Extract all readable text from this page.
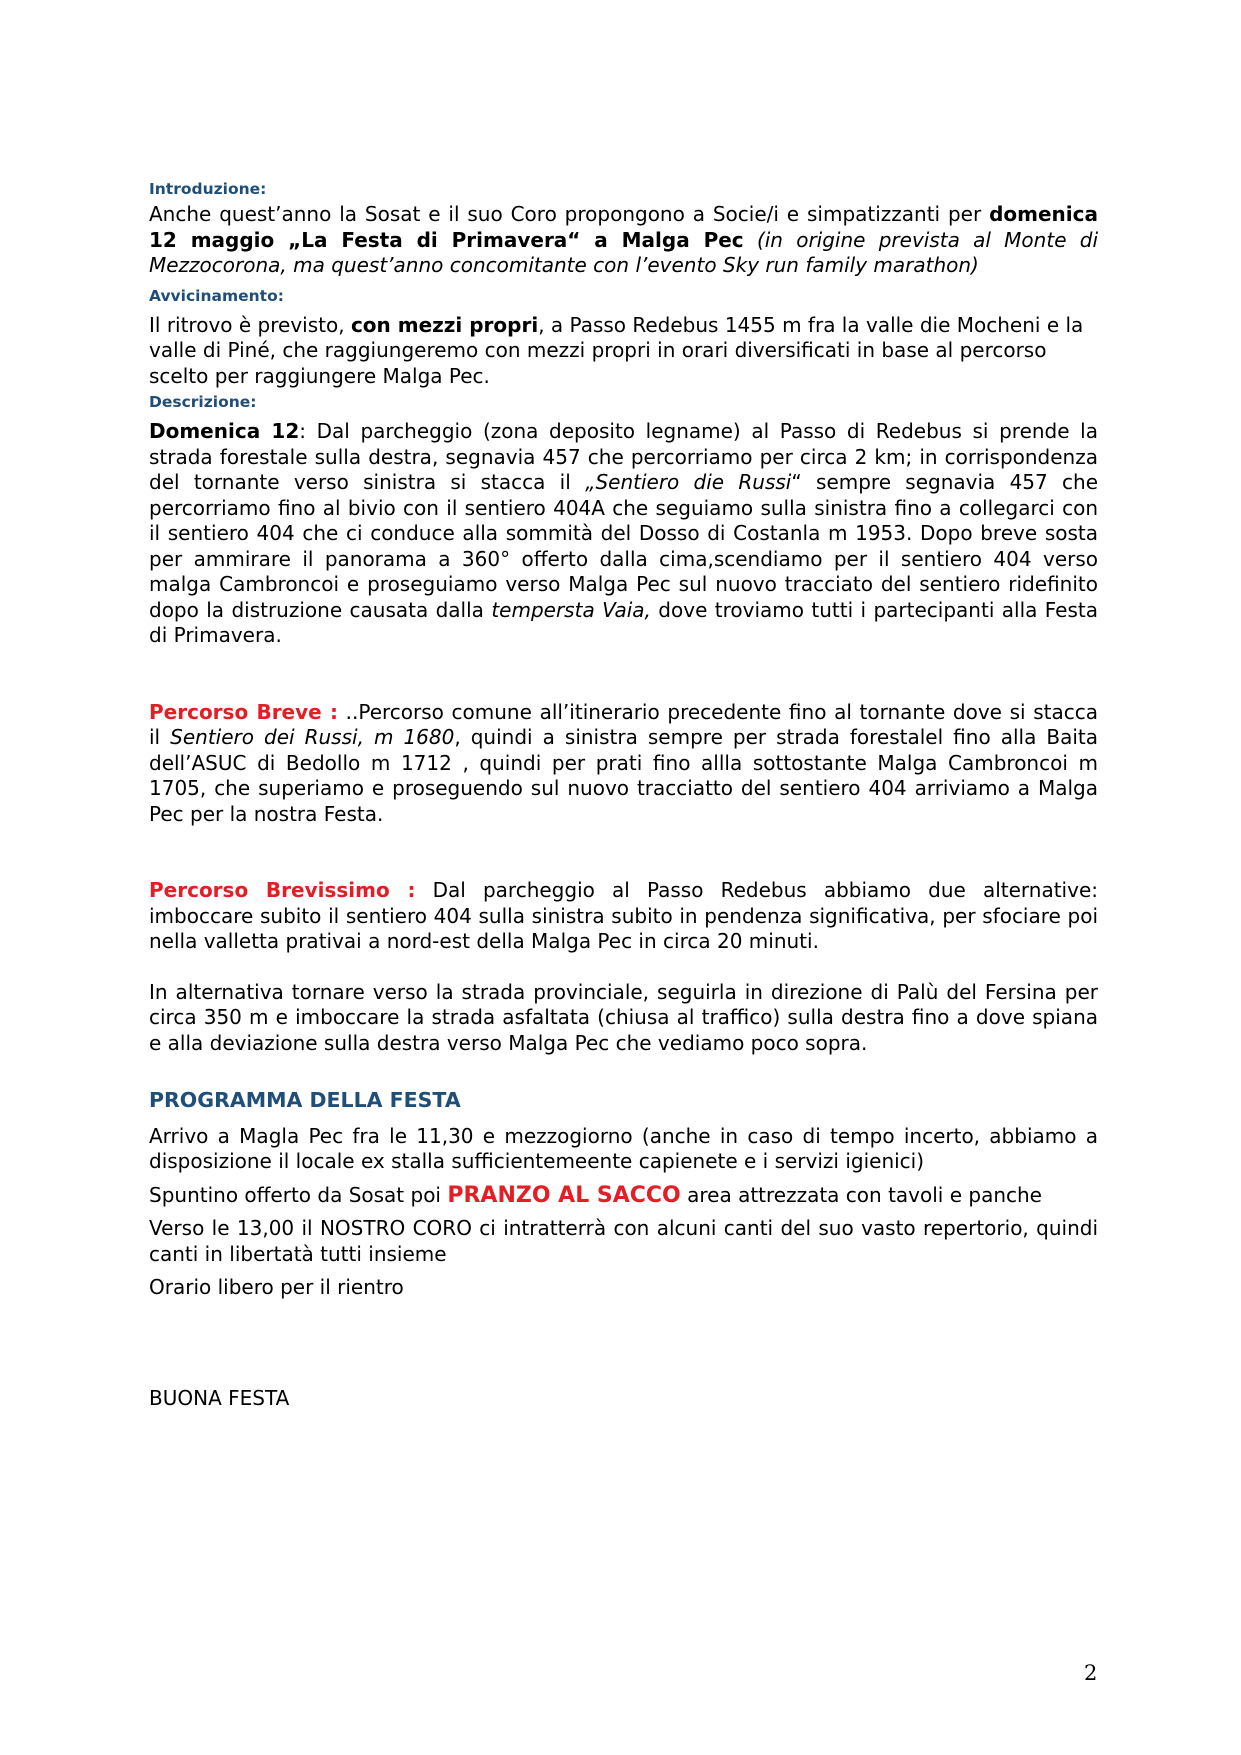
Introduzione:
Anche quest’anno la Sosat e il suo Coro propongono a Socie/i e simpatizzanti per domenica 12 maggio „La Festa di Primavera“ a Malga Pec (in origine prevista al Monte di Mezzocorona, ma quest’anno concomitante con l’evento Sky run family marathon)
Avvicinamento:
Il ritrovo è previsto, con mezzi propri, a Passo Redebus 1455 m fra la valle die Mocheni e la valle di Piné, che raggiungeremo con mezzi propri in orari diversificati in base al percorso scelto per raggiungere Malga Pec.
Descrizione:
Domenica 12: Dal parcheggio (zona deposito legname) al Passo di Redebus si prende la strada forestale sulla destra, segnavia 457 che percorriamo per circa 2 km; in corrispondenza del tornante verso sinistra si stacca il „Sentiero die Russi“ sempre segnavia 457 che percorriamo fino al bivio con il sentiero 404A che seguiamo sulla sinistra fino a collegarci con il sentiero 404 che ci conduce alla sommità del Dosso di Costanla m 1953. Dopo breve sosta per ammirare il panorama a 360° offerto dalla cima,scendiamo per il sentiero 404 verso malga Cambroncoi e proseguiamo verso Malga Pec sul nuovo tracciato del sentiero ridefinito dopo la distruzione causata dalla tempersta Vaia, dove troviamo tutti i partecipanti alla Festa di Primavera.
Percorso Breve : ..Percorso comune all’itinerario precedente fino al tornante dove si stacca il Sentiero dei Russi, m 1680, quindi a sinistra sempre per strada forestalel fino alla Baita dell’ASUC di Bedollo m 1712 , quindi per prati fino allla sottostante Malga Cambroncoi m 1705, che superiamo e proseguendo sul nuovo tracciatto del sentiero 404 arriviamo a Malga Pec per la nostra Festa.
Percorso Brevissimo : Dal parcheggio al Passo Redebus abbiamo due alternative: imboccare subito il sentiero 404 sulla sinistra subito in pendenza significativa, per sfociare poi nella valletta prativai a nord-est della Malga Pec in circa 20 minuti.
In alternativa tornare verso la strada provinciale, seguirla in direzione di Palù del Fersina per circa 350 m e imboccare la strada asfaltata (chiusa al traffico) sulla destra fino a dove spiana e alla deviazione sulla destra verso Malga Pec che vediamo poco sopra.
PROGRAMMA DELLA FESTA
Arrivo a Magla Pec fra le 11,30 e mezzogiorno (anche in caso di tempo incerto, abbiamo a disposizione il locale ex stalla sufficientemeente capienete e i servizi igienici)
Spuntino offerto da Sosat poi PRANZO AL SACCO area attrezzata con tavoli e panche
Verso le 13,00 il NOSTRO CORO ci intratterrà con alcuni canti del suo vasto repertorio, quindi canti in libertatà tutti insieme
Orario libero per il rientro
BUONA FESTA
2
